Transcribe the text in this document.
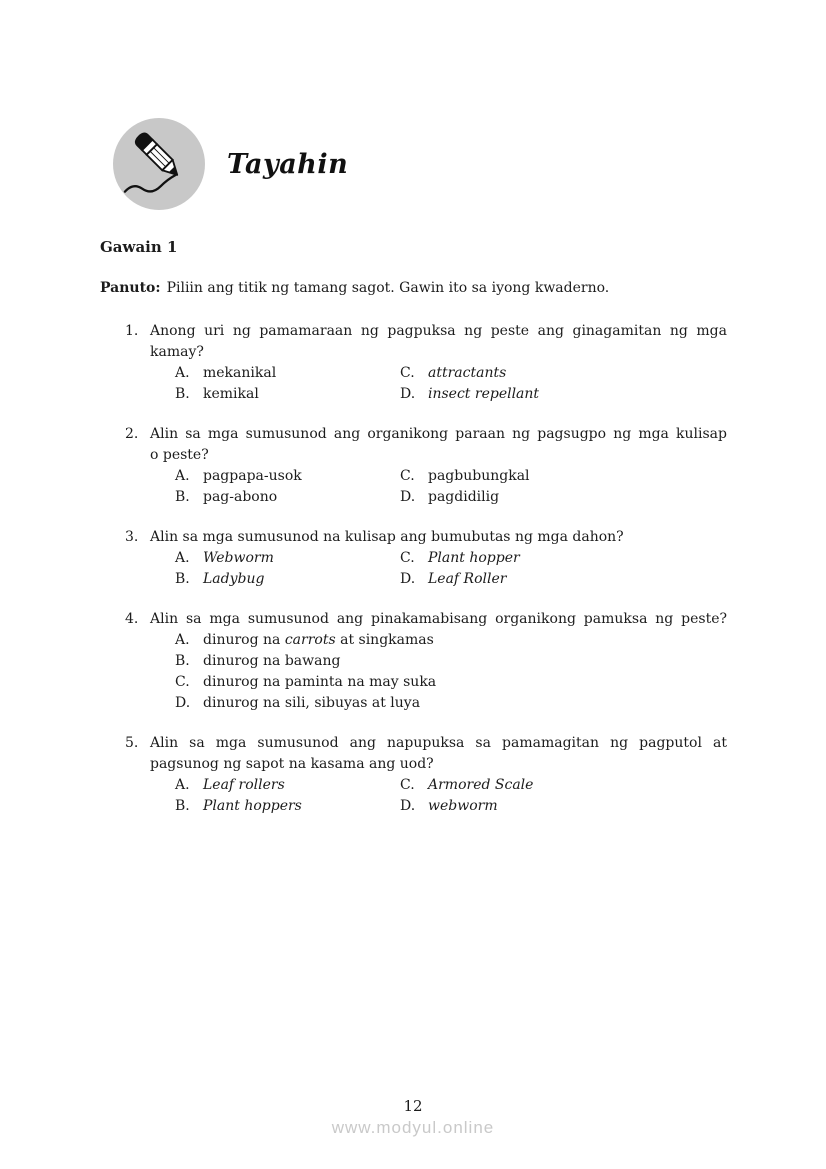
Tayahin
Gawain 1
Panuto: Piliin ang titik ng tamang sagot. Gawin ito sa iyong kwaderno.
1. Anong uri ng pamamaraan ng pagpuksa ng peste ang ginagamitan ng mga
kamay?
A. mekanikal	C. attractants
B. kemikal	D. insect repellant
2. Alin sa mga sumusunod ang organikong paraan ng pagsugpo ng mga kulisap
o peste?
A. pagpapa-usok	C. pagbubungkal
B. pag-abono	D. pagdidilig
3. Alin sa mga sumusunod na kulisap ang bumubutas ng mga dahon?
A. Webworm	C. Plant hopper
B. Ladybug	D. Leaf Roller
4. Alin sa mga sumusunod ang pinakamabisang organikong pamuksa ng peste?
A. dinurog na carrots at singkamas
B. dinurog na bawang
C. dinurog na paminta na may suka
D. dinurog na sili, sibuyas at luya
5. Alin sa mga sumusunod ang napupuksa sa pamamagitan ng pagputol at
pagsunog ng sapot na kasama ang uod?
A. Leaf rollers	C. Armored Scale
B. Plant hoppers	D. webworm
12
www.modyul.online
